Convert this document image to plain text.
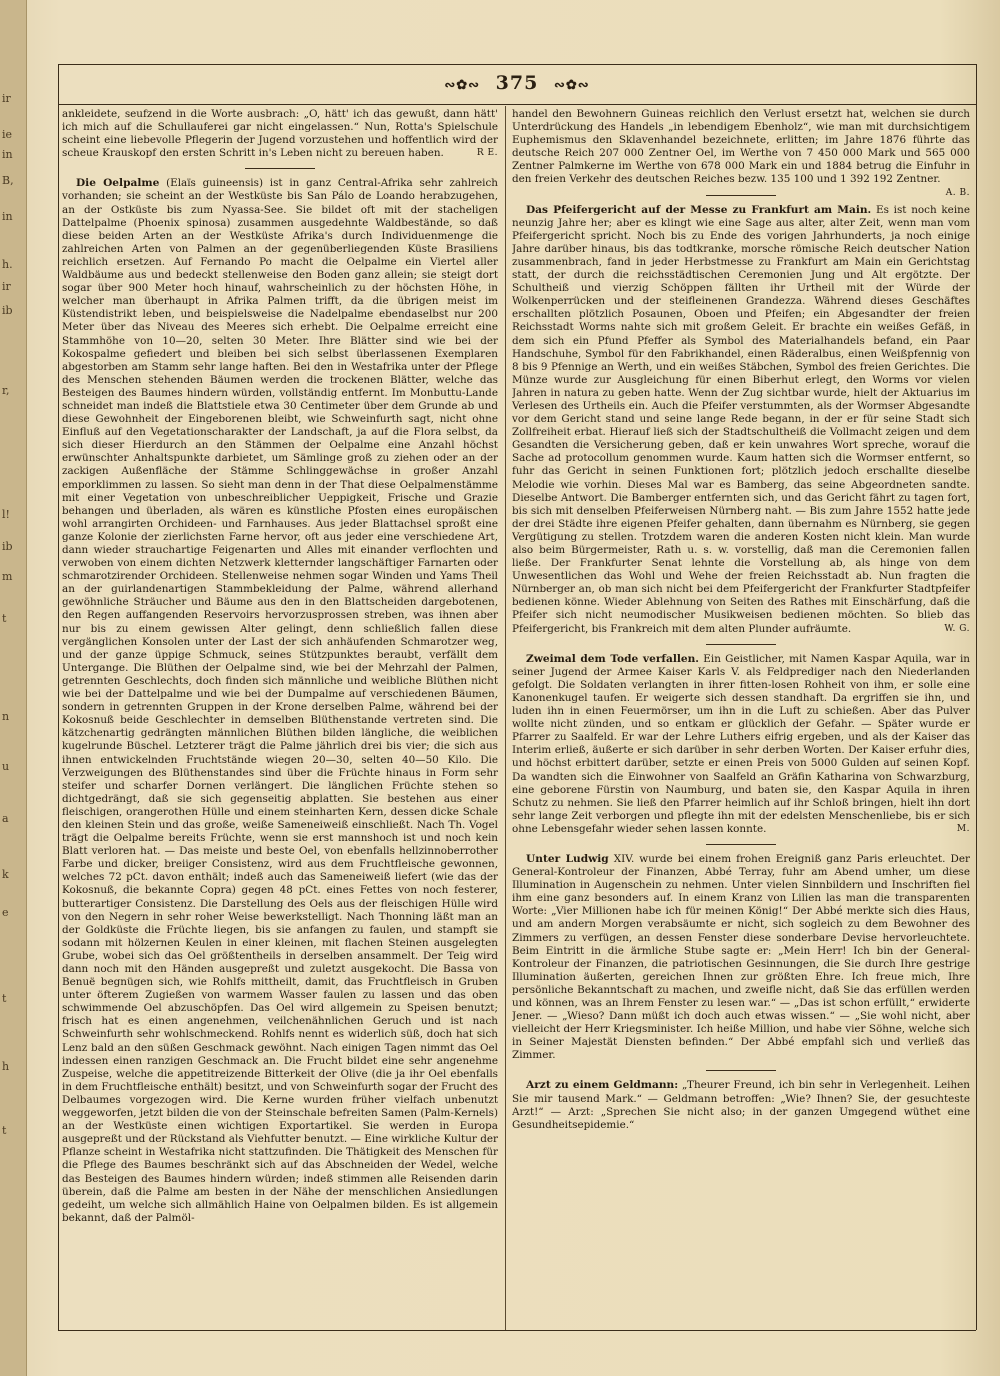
ir
ie
in
B,
in
h.
ir
ib
r,
l!
ib
m
t
n
u
a
k
e
t
h
t
∾✿∾ 375 ∾✿∾

ankleidete, seufzend in die Worte ausbrach: „O, hätt' ich das gewußt, dann hätt' ich mich auf die Schullauferei gar nicht eingelassen.“ Nun, Rotta's Spielschule scheint eine liebevolle Pflegerin der Jugend vorzustehen und hoffentlich wird der scheue Krauskopf den ersten Schritt in's Leben nicht zu bereuen haben.	R E.

Die Oelpalme (Elaïs guineensis) ist in ganz Central-Afrika sehr zahlreich vorhanden; sie scheint an der Westküste bis San Pálo de Loando herabzugehen, an der Ostküste bis zum Nyassa-See. Sie bildet oft mit der stacheligen Dattelpalme (Phoenix spinosa) zusammen ausgedehnte Waldbestände, so daß diese beiden Arten an der Westküste Afrika's durch Individuenmenge die zahlreichen Arten von Palmen an der gegenüberliegenden Küste Brasiliens reichlich ersetzen. Auf Fernando Po macht die Oelpalme ein Viertel aller Waldbäume aus und bedeckt stellenweise den Boden ganz allein; sie steigt dort sogar über 900 Meter hoch hinauf, wahrscheinlich zu der höchsten Höhe, in welcher man überhaupt in Afrika Palmen trifft, da die übrigen meist im Küstendistrikt leben, und beispielsweise die Nadelpalme ebendaselbst nur 200 Meter über das Niveau des Meeres sich erhebt. Die Oelpalme erreicht eine Stammhöhe von 10—20, selten 30 Meter. Ihre Blätter sind wie bei der Kokospalme gefiedert und bleiben bei sich selbst überlassenen Exemplaren abgestorben am Stamm sehr lange haften. Bei den in Westafrika unter der Pflege des Menschen stehenden Bäumen werden die trockenen Blätter, welche das Besteigen des Baumes hindern würden, vollständig entfernt. Im Monbuttu-Lande schneidet man indeß die Blattstiele etwa 30 Centimeter über dem Grunde ab und diese Gewohnheit der Eingeborenen bleibt, wie Schweinfurth sagt, nicht ohne Einfluß auf den Vegetationscharakter der Landschaft, ja auf die Flora selbst, da sich dieser Hierdurch an den Stämmen der Oelpalme eine Anzahl höchst erwünschter Anhaltspunkte darbietet, um Sämlinge groß zu ziehen oder an der zackigen Außenfläche der Stämme Schlinggewächse in großer Anzahl emporklimmen zu lassen. So sieht man denn in der That diese Oelpalmenstämme mit einer Vegetation von unbeschreiblicher Ueppigkeit, Frische und Grazie behangen und überladen, als wären es künstliche Pfosten eines europäischen wohl arrangirten Orchideen- und Farnhauses. Aus jeder Blattachsel sproßt eine ganze Kolonie der zierlichsten Farne hervor, oft aus jeder eine verschiedene Art, dann wieder strauchartige Feigenarten und Alles mit einander verflochten und verwoben von einem dichten Netzwerk kletternder langschäftiger Farnarten oder schmarotzirender Orchideen. Stellenweise nehmen sogar Winden und Yams Theil an der guirlandenartigen Stammbekleidung der Palme, während allerhand gewöhnliche Sträucher und Bäume aus den in den Blattscheiden dargebotenen, den Regen auffangenden Reservoirs hervorzusprossen streben, was ihnen aber nur bis zu einem gewissen Alter gelingt, denn schließlich fallen diese vergänglichen Konsolen unter der Last der sich anhäufenden Schmarotzer weg, und der ganze üppige Schmuck, seines Stützpunktes beraubt, verfällt dem Untergange. Die Blüthen der Oelpalme sind, wie bei der Mehrzahl der Palmen, getrennten Geschlechts, doch finden sich männliche und weibliche Blüthen nicht wie bei der Dattelpalme und wie bei der Dumpalme auf verschiedenen Bäumen, sondern in getrennten Gruppen in der Krone derselben Palme, während bei der Kokosnuß beide Geschlechter in demselben Blüthenstande vertreten sind. Die kätzchenartig gedrängten männlichen Blüthen bilden längliche, die weiblichen kugelrunde Büschel. Letzterer trägt die Palme jährlich drei bis vier; die sich aus ihnen entwickelnden Fruchtstände wiegen 20—30, selten 40—50 Kilo. Die Verzweigungen des Blüthenstandes sind über die Früchte hinaus in Form sehr steifer und scharfer Dornen verlängert. Die länglichen Früchte stehen so dichtgedrängt, daß sie sich gegenseitig abplatten. Sie bestehen aus einer fleischigen, orangerothen Hülle und einem steinharten Kern, dessen dicke Schale den kleinen Stein und das große, weiße Sameneiweiß einschließt. Nach Th. Vogel trägt die Oelpalme bereits Früchte, wenn sie erst mannshoch ist und noch kein Blatt verloren hat. — Das meiste und beste Oel, von ebenfalls hellzinnoberrother Farbe und dicker, breiiger Consistenz, wird aus dem Fruchtfleische gewonnen, welches 72 pCt. davon enthält; indeß auch das Sameneiweiß liefert (wie das der Kokosnuß, die bekannte Copra) gegen 48 pCt. eines Fettes von noch festerer, butterartiger Consistenz. Die Darstellung des Oels aus der fleischigen Hülle wird von den Negern in sehr roher Weise bewerkstelligt. Nach Thonning läßt man an der Goldküste die Früchte liegen, bis sie anfangen zu faulen, und stampft sie sodann mit hölzernen Keulen in einer kleinen, mit flachen Steinen ausgelegten Grube, wobei sich das Oel größtentheils in derselben ansammelt. Der Teig wird dann noch mit den Händen ausgepreßt und zuletzt ausgekocht. Die Bassa von Benuë begnügen sich, wie Rohlfs mittheilt, damit, das Fruchtfleisch in Gruben unter öfterem Zugießen von warmem Wasser faulen zu lassen und das oben schwimmende Oel abzuschöpfen. Das Oel wird allgemein zu Speisen benutzt; frisch hat es einen angenehmen, veilchenähnlichen Geruch und ist nach Schweinfurth sehr wohlschmeckend. Rohlfs nennt es widerlich süß, doch hat sich Lenz bald an den süßen Geschmack gewöhnt. Nach einigen Tagen nimmt das Oel indessen einen ranzigen Geschmack an. Die Frucht bildet eine sehr angenehme Zuspeise, welche die appetitreizende Bitterkeit der Olive (die ja ihr Oel ebenfalls in dem Fruchtfleische enthält) besitzt, und von Schweinfurth sogar der Frucht des Delbaumes vorgezogen wird. Die Kerne wurden früher vielfach unbenutzt weggeworfen, jetzt bilden die von der Steinschale befreiten Samen (Palm-Kernels) an der Westküste einen wichtigen Exportartikel. Sie werden in Europa ausgepreßt und der Rückstand als Viehfutter benutzt. — Eine wirkliche Kultur der Pflanze scheint in Westafrika nicht stattzufinden. Die Thätigkeit des Menschen für die Pflege des Baumes beschränkt sich auf das Abschneiden der Wedel, welche das Besteigen des Baumes hindern würden; indeß stimmen alle Reisenden darin überein, daß die Palme am besten in der Nähe der menschlichen Ansiedlungen gedeiht, um welche sich allmählich Haine von Oelpalmen bilden. Es ist allgemein bekannt, daß der Palmöl-

handel den Bewohnern Guineas reichlich den Verlust ersetzt hat, welchen sie durch Unterdrückung des Handels „in lebendigem Ebenholz“, wie man mit durchsichtigem Euphemismus den Sklavenhandel bezeichnete, erlitten; im Jahre 1876 führte das deutsche Reich 207 000 Zentner Oel, im Werthe von 7 450 000 Mark und 565 000 Zentner Palmkerne im Werthe von 678 000 Mark ein und 1884 betrug die Einfuhr in den freien Verkehr des deutschen Reiches bezw. 135 100 und 1 392 192 Zentner.
A. B.

Das Pfeifergericht auf der Messe zu Frankfurt am Main. Es ist noch keine neunzig Jahre her; aber es klingt wie eine Sage aus alter, alter Zeit, wenn man vom Pfeifergericht spricht. Noch bis zu Ende des vorigen Jahrhunderts, ja noch einige Jahre darüber hinaus, bis das todtkranke, morsche römische Reich deutscher Nation zusammenbrach, fand in jeder Herbstmesse zu Frankfurt am Main ein Gerichtstag statt, der durch die reichsstädtischen Ceremonien Jung und Alt ergötzte. Der Schultheiß und vierzig Schöppen fällten ihr Urtheil mit der Würde der Wolkenperrücken und der steifleinenen Grandezza. Während dieses Geschäftes erschallten plötzlich Posaunen, Oboen und Pfeifen; ein Abgesandter der freien Reichsstadt Worms nahte sich mit großem Geleit. Er brachte ein weißes Gefäß, in dem sich ein Pfund Pfeffer als Symbol des Materialhandels befand, ein Paar Handschuhe, Symbol für den Fabrikhandel, einen Räderalbus, einen Weißpfennig von 8 bis 9 Pfennige an Werth, und ein weißes Stäbchen, Symbol des freien Gerichtes. Die Münze wurde zur Ausgleichung für einen Biberhut erlegt, den Worms vor vielen Jahren in natura zu geben hatte. Wenn der Zug sichtbar wurde, hielt der Aktuarius im Verlesen des Urtheils ein. Auch die Pfeifer verstummten, als der Wormser Abgesandte vor dem Gericht stand und seine lange Rede begann, in der er für seine Stadt sich Zollfreiheit erbat. Hierauf ließ sich der Stadtschultheiß die Vollmacht zeigen und dem Gesandten die Versicherung geben, daß er kein unwahres Wort spreche, worauf die Sache ad protocollum genommen wurde. Kaum hatten sich die Wormser entfernt, so fuhr das Gericht in seinen Funktionen fort; plötzlich jedoch erschallte dieselbe Melodie wie vorhin. Dieses Mal war es Bamberg, das seine Abgeordneten sandte. Dieselbe Antwort. Die Bamberger entfernten sich, und das Gericht fährt zu tagen fort, bis sich mit denselben Pfeiferweisen Nürnberg naht. — Bis zum Jahre 1552 hatte jede der drei Städte ihre eigenen Pfeifer gehalten, dann übernahm es Nürnberg, sie gegen Vergütigung zu stellen. Trotzdem waren die anderen Kosten nicht klein. Man wurde also beim Bürgermeister, Rath u. s. w. vorstellig, daß man die Ceremonien fallen ließe. Der Frankfurter Senat lehnte die Vorstellung ab, als hinge von dem Unwesentlichen das Wohl und Wehe der freien Reichsstadt ab. Nun fragten die Nürnberger an, ob man sich nicht bei dem Pfeifergericht der Frankfurter Stadtpfeifer bedienen könne. Wieder Ablehnung von Seiten des Rathes mit Einschärfung, daß die Pfeifer sich nicht neumodischer Musikweisen bedienen möchten. So blieb das Pfeifergericht, bis Frankreich mit dem alten Plunder aufräumte.	W. G.

Zweimal dem Tode verfallen. Ein Geistlicher, mit Namen Kaspar Aquila, war in seiner Jugend der Armee Kaiser Karls V. als Feldprediger nach den Niederlanden gefolgt. Die Soldaten verlangten in ihrer fitten-losen Rohheit von ihm, er solle eine Kanonenkugel taufen. Er weigerte sich dessen standhaft. Da ergriffen sie ihn, und luden ihn in einen Feuermörser, um ihn in die Luft zu schießen. Aber das Pulver wollte nicht zünden, und so entkam er glücklich der Gefahr. — Später wurde er Pfarrer zu Saalfeld. Er war der Lehre Luthers eifrig ergeben, und als der Kaiser das Interim erließ, äußerte er sich darüber in sehr derben Worten. Der Kaiser erfuhr dies, und höchst erbittert darüber, setzte er einen Preis von 5000 Gulden auf seinen Kopf. Da wandten sich die Einwohner von Saalfeld an Gräfin Katharina von Schwarzburg, eine geborene Fürstin von Naumburg, und baten sie, den Kaspar Aquila in ihren Schutz zu nehmen. Sie ließ den Pfarrer heimlich auf ihr Schloß bringen, hielt ihn dort sehr lange Zeit verborgen und pflegte ihn mit der edelsten Menschenliebe, bis er sich ohne Lebensgefahr wieder sehen lassen konnte.	M.

Unter Ludwig XIV. wurde bei einem frohen Ereigniß ganz Paris erleuchtet. Der General-Kontroleur der Finanzen, Abbé Terray, fuhr am Abend umher, um diese Illumination in Augenschein zu nehmen. Unter vielen Sinnbildern und Inschriften fiel ihm eine ganz besonders auf. In einem Kranz von Lilien las man die transparenten Worte: „Vier Millionen habe ich für meinen König!“ Der Abbé merkte sich dies Haus, und am andern Morgen verabsäumte er nicht, sich sogleich zu dem Bewohner des Zimmers zu verfügen, an dessen Fenster diese sonderbare Devise hervorleuchtete. Beim Eintritt in die ärmliche Stube sagte er: „Mein Herr! Ich bin der General-Kontroleur der Finanzen, die patriotischen Gesinnungen, die Sie durch Ihre gestrige Illumination äußerten, gereichen Ihnen zur größten Ehre. Ich freue mich, Ihre persönliche Bekanntschaft zu machen, und zweifle nicht, daß Sie das erfüllen werden und können, was an Ihrem Fenster zu lesen war.“ — „Das ist schon erfüllt,“ erwiderte Jener. — „Wieso? Dann müßt ich doch auch etwas wissen.“ — „Sie wohl nicht, aber vielleicht der Herr Kriegsminister. Ich heiße Million, und habe vier Söhne, welche sich in Seiner Majestät Diensten befinden.“ Der Abbé empfahl sich und verließ das Zimmer.

Arzt zu einem Geldmann: „Theurer Freund, ich bin sehr in Verlegenheit. Leihen Sie mir tausend Mark.“ — Geldmann betroffen: „Wie? Ihnen? Sie, der gesuchteste Arzt!“ — Arzt: „Sprechen Sie nicht also; in der ganzen Umgegend wüthet eine Gesundheitsepidemie.“
